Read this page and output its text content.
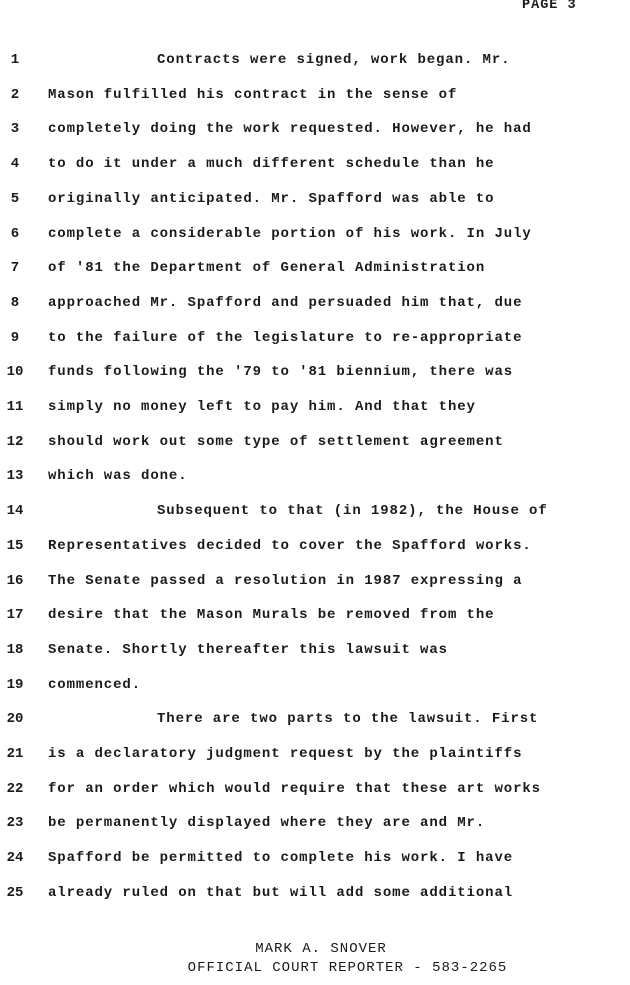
PAGE 3
1	Contracts were signed, work began. Mr.
2	Mason fulfilled his contract in the sense of
3	completely doing the work requested. However, he had
4	to do it under a much different schedule than he
5	originally anticipated. Mr. Spafford was able to
6	complete a considerable portion of his work. In July
7	of '81 the Department of General Administration
8	approached Mr. Spafford and persuaded him that, due
9	to the failure of the legislature to re-appropriate
10 funds following the '79 to '81 biennium, there was
11 simply no money left to pay him. And that they
12 should work out some type of settlement agreement
13 which was done.
14	Subsequent to that (in 1982), the House of
15 Representatives decided to cover the Spafford works.
16 The Senate passed a resolution in 1987 expressing a
17 desire that the Mason Murals be removed from the
18 Senate. Shortly thereafter this lawsuit was
19 commenced.
20	There are two parts to the lawsuit. First
21 is a declaratory judgment request by the plaintiffs
22 for an order which would require that these art works
23 be permanently displayed where they are and Mr.
24 Spafford be permitted to complete his work. I have
25 already ruled on that but will add some additional
MARK A. SNOVER
OFFICIAL COURT REPORTER - 583-2265
